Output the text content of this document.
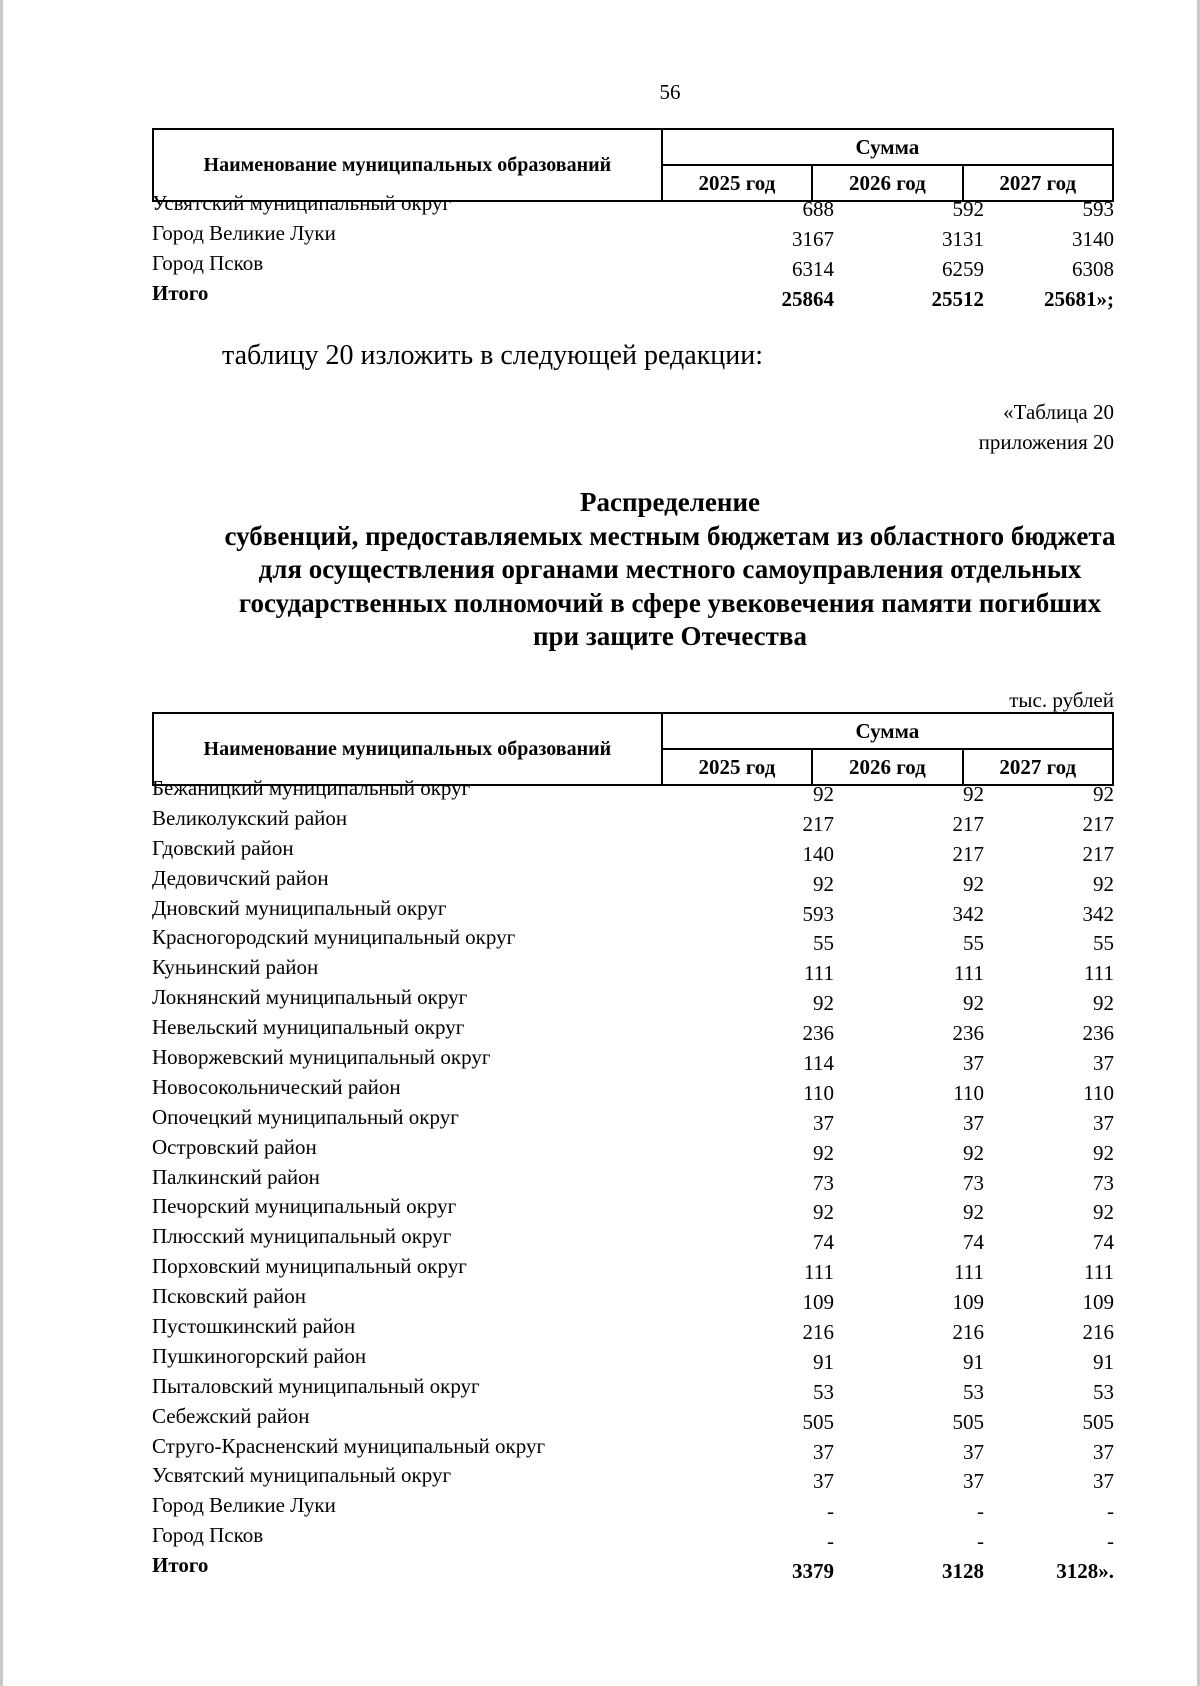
56
Наименование муниципальных образований	Сумма		
	2025 год	2026 год	2027 год
Усвятский муниципальный округ	688	592	593
Город Великие Луки	3167	3131	3140
Город Псков	6314	6259	6308
Итого	25864	25512	25681»;
таблицу 20 изложить в следующей редакции:
«Таблица 20
приложения 20
Распределение
субвенций, предоставляемых местным бюджетам из областного бюджета
для осуществления органами местного самоуправления отдельных
государственных полномочий в сфере увековечения памяти погибших
при защите Отечества
тыс. рублей
Наименование муниципальных образований	Сумма		
	2025 год	2026 год	2027 год
Бежаницкий муниципальный округ	92	92	92
Великолукский район	217	217	217
Гдовский район	140	217	217
Дедовичский район	92	92	92
Дновский муниципальный округ	593	342	342
Красногородский муниципальный округ	55	55	55
Куньинский район	111	111	111
Локнянский муниципальный округ	92	92	92
Невельский муниципальный округ	236	236	236
Новоржевский муниципальный округ	114	37	37
Новосокольнический район	110	110	110
Опочецкий муниципальный округ	37	37	37
Островский район	92	92	92
Палкинский район	73	73	73
Печорский муниципальный округ	92	92	92
Плюсский муниципальный округ	74	74	74
Порховский муниципальный округ	111	111	111
Псковский район	109	109	109
Пустошкинский район	216	216	216
Пушкиногорский район	91	91	91
Пыталовский муниципальный округ	53	53	53
Себежский район	505	505	505
Струго-Красненский муниципальный округ	37	37	37
Усвятский муниципальный округ	37	37	37
Город Великие Луки	-	-	-
Город Псков	-	-	-
Итого	3379	3128	3128».
